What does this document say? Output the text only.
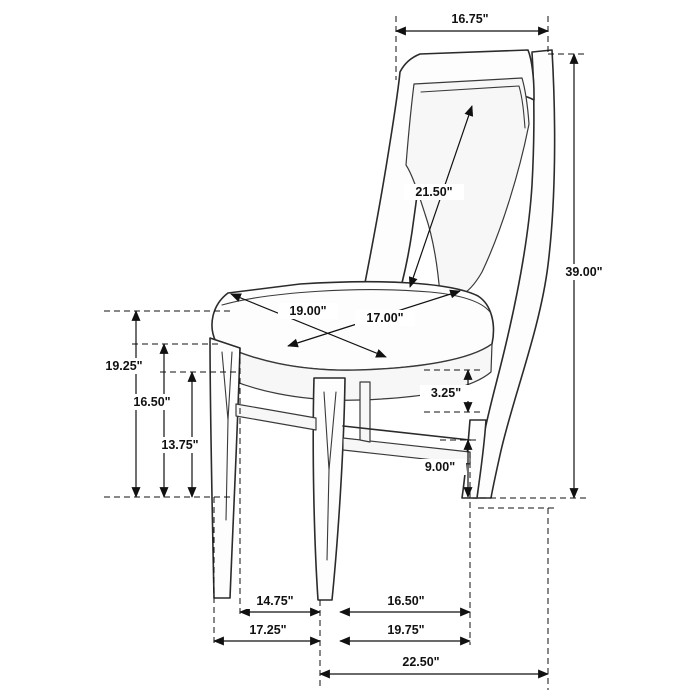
16.75"
39.00"
21.50"
19.00"	17.00"
19.25"
16.50"
13.75"
3.25"
9.00"
14.75"	16.50"
17.25"	19.75"
22.50"
